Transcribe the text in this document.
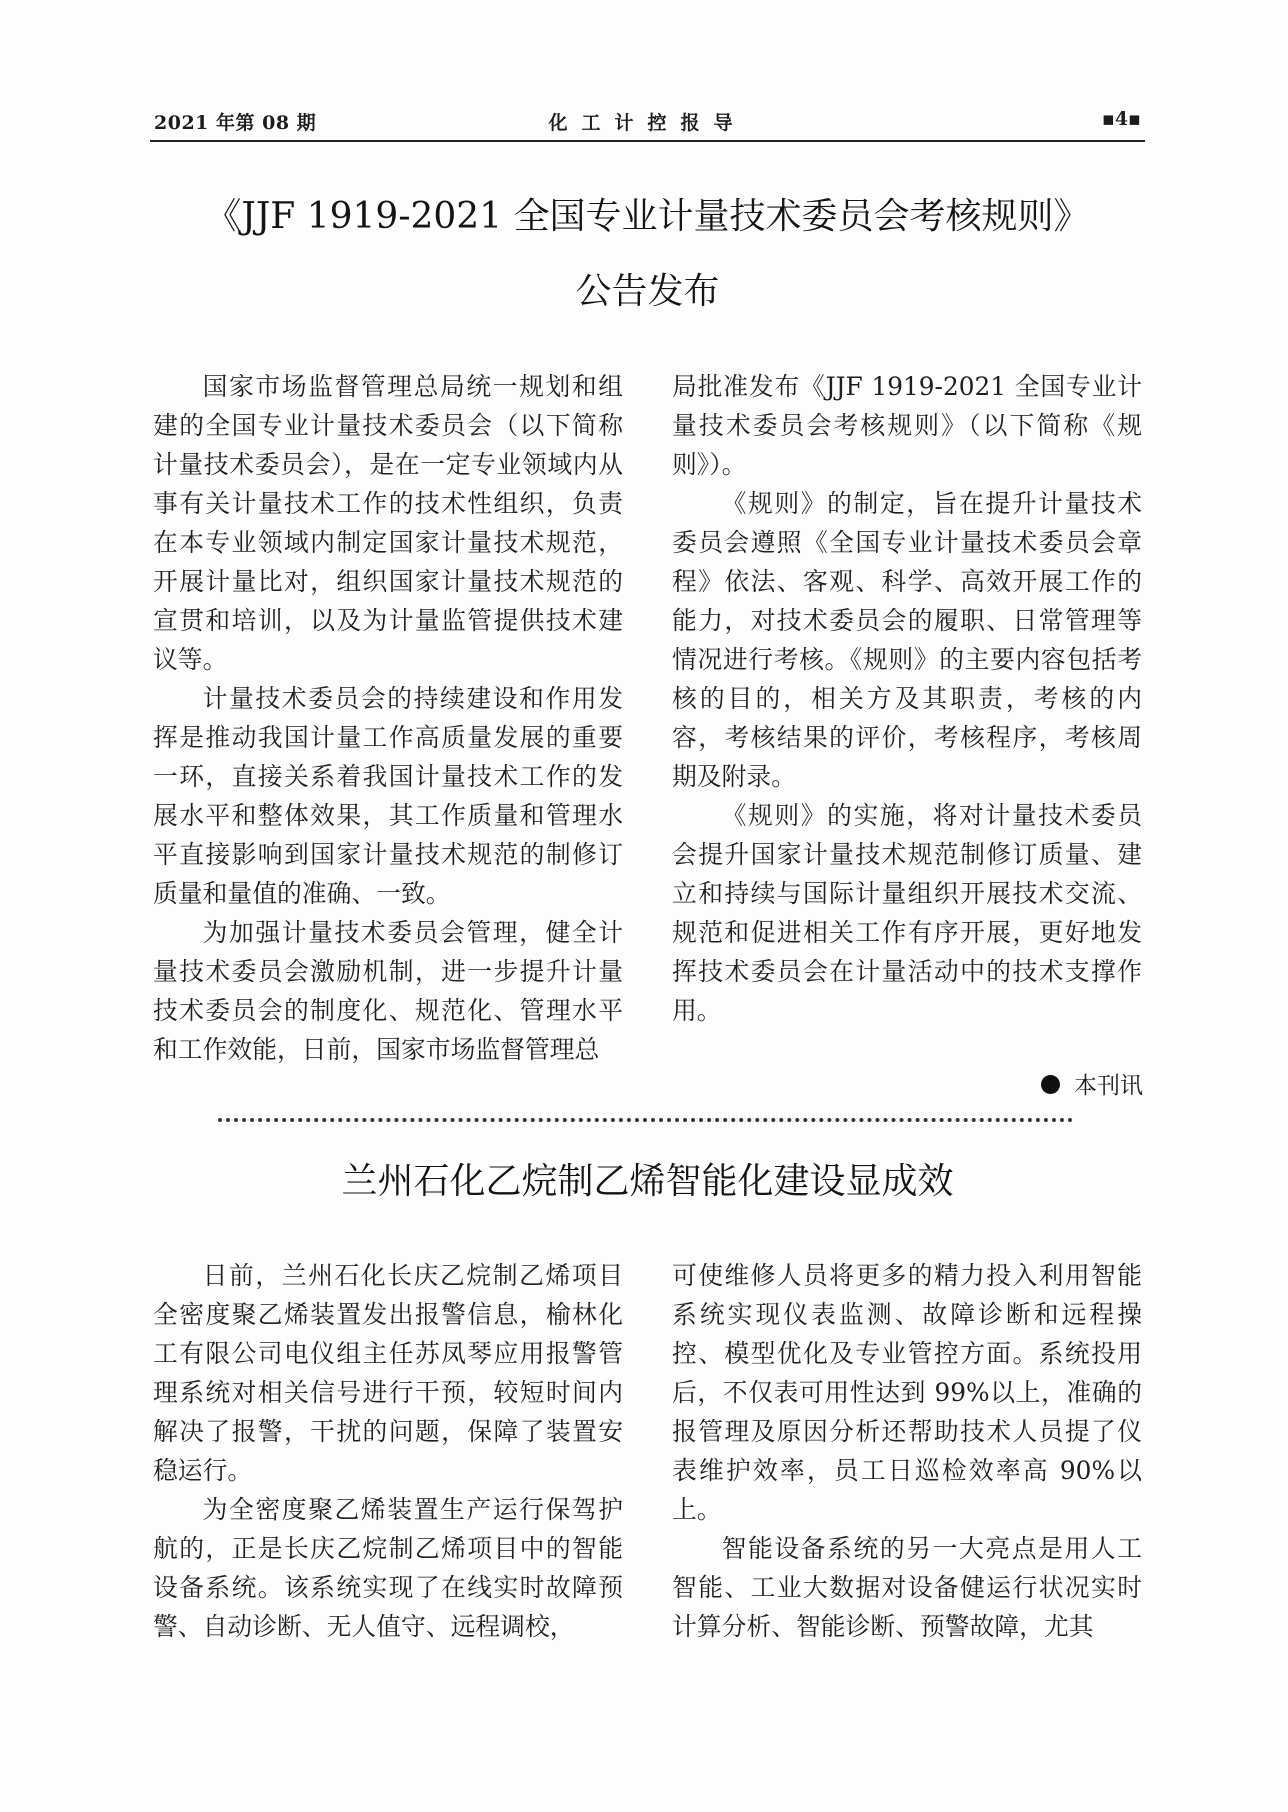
2021 年第 08 期	化工计控报导	▪4▪
《JJF 1919-2021 全国专业计量技术委员会考核规则》
公告发布

国家市场监督管理总局统一规划和组建的全国专业计量技术委员会（以下简称计量技术委员会），是在一定专业领域内从事有关计量技术工作的技术性组织，负责在本专业领域内制定国家计量技术规范，开展计量比对，组织国家计量技术规范的宣贯和培训，以及为计量监管提供技术建议等。

计量技术委员会的持续建设和作用发挥是推动我国计量工作高质量发展的重要一环，直接关系着我国计量技术工作的发展水平和整体效果，其工作质量和管理水平直接影响到国家计量技术规范的制修订质量和量值的准确、一致。

为加强计量技术委员会管理，健全计量技术委员会激励机制，进一步提升计量技术委员会的制度化、规范化、管理水平和工作效能，日前，国家市场监督管理总

局批准发布《JJF 1919-2021 全国专业计量技术委员会考核规则》（以下简称《规则》）。

《规则》的制定，旨在提升计量技术委员会遵照《全国专业计量技术委员会章程》依法、客观、科学、高效开展工作的能力，对技术委员会的履职、日常管理等情况进行考核。《规则》的主要内容包括考核的目的，相关方及其职责，考核的内容，考核结果的评价，考核程序，考核周期及附录。

《规则》的实施，将对计量技术委员会提升国家计量技术规范制修订质量、建立和持续与国际计量组织开展技术交流、规范和促进相关工作有序开展，更好地发挥技术委员会在计量活动中的技术支撑作用。

本刊讯
兰州石化乙烷制乙烯智能化建设显成效

日前，兰州石化长庆乙烷制乙烯项目全密度聚乙烯装置发出报警信息，榆林化工有限公司电仪组主任苏凤琴应用报警管理系统对相关信号进行干预，较短时间内解决了报警，干扰的问题，保障了装置安稳运行。

为全密度聚乙烯装置生产运行保驾护航的，正是长庆乙烷制乙烯项目中的智能设备系统。该系统实现了在线实时故障预警、自动诊断、无人值守、远程调校，

可使维修人员将更多的精力投入利用智能系统实现仪表监测、故障诊断和远程操控、模型优化及专业管控方面。系统投用后，不仅表可用性达到 99%以上，准确的报管理及原因分析还帮助技术人员提了仪表维护效率，员工日巡检效率高 90%以上。

智能设备系统的另一大亮点是用人工智能、工业大数据对设备健运行状况实时计算分析、智能诊断、预警故障，尤其
